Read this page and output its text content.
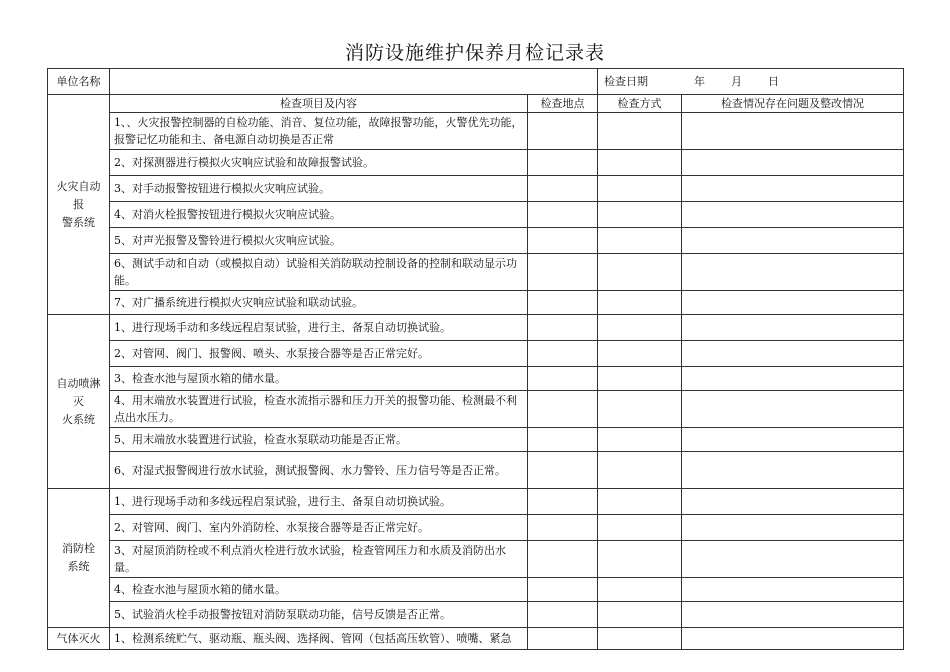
消防设施维护保养月检记录表
单位名称			检查日期 年 月 日	

火灾自动
报
警系统	检查项目及内容	检查地点	检查方式	检查情况存在问题及整改情况
	1、、火灾报警控制器的自检功能、消音、复位功能，故障报警功能，火警优先功能，报警记忆功能和主、备电源自动切换是否正常			
	2、对探测器进行模拟火灾响应试验和故障报警试验。			
	3、对手动报警按钮进行模拟火灾响应试验。			
	4、对消火栓报警按钮进行模拟火灾响应试验。			
	5、对声光报警及警铃进行模拟火灾响应试验。			
	6、测试手动和自动（或模拟自动）试验相关消防联动控制设备的控制和联动显示功能。			
	7、对广播系统进行模拟火灾响应试验和联动试验。			

自动喷淋
灭
火系统	1、进行现场手动和多线远程启泵试验，进行主、备泵自动切换试验。			
	2、对管网、阀门、报警阀、喷头、水泵接合器等是否正常完好。			
	3、检查水池与屋顶水箱的储水量。			
	4、用末端放水装置进行试验，检查水流指示器和压力开关的报警功能、检测最不利点出水压力。			
	5、用末端放水装置进行试验，检查水泵联动功能是否正常。			
	6、对湿式报警阀进行放水试验，测试报警阀、水力警铃、压力信号等是否正常。			

消防栓
系统	1、进行现场手动和多线远程启泵试验，进行主、备泵自动切换试验。			
	2、对管网、阀门、室内外消防栓、水泵接合器等是否正常完好。			
	3、对屋顶消防栓或不利点消火栓进行放水试验，检查管网压力和水质及消防出水量。			
	4、检查水池与屋顶水箱的储水量。			
	5、试验消火栓手动报警按钮对消防泵联动功能，信号反馈是否正常。			

气体灭火	1、检测系统贮气、驱动瓶、瓶头阀、选择阀、管网（包括高压软管）、喷嘴、紧急			
